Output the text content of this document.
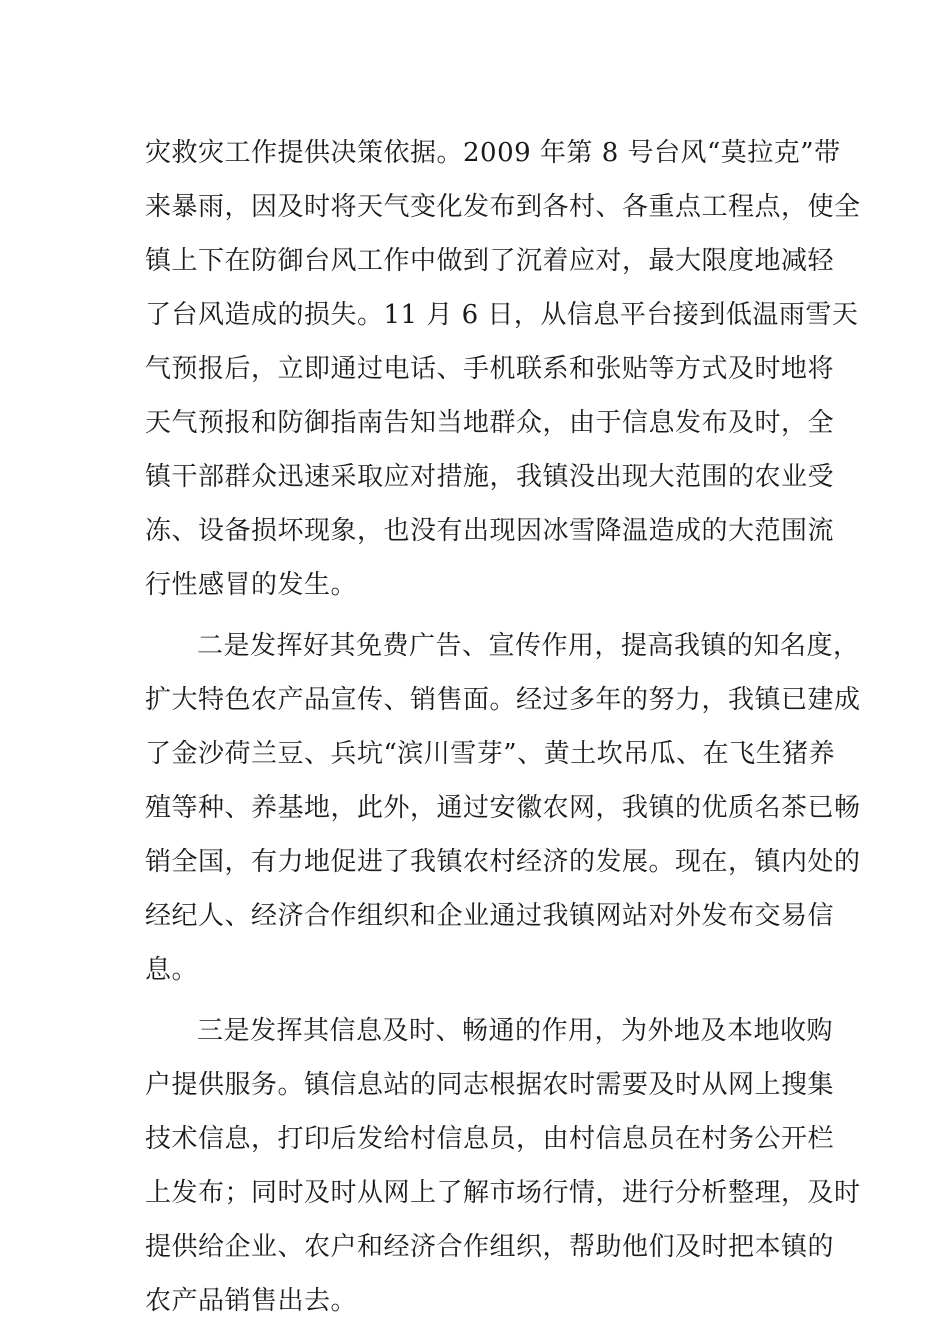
灾救灾工作提供决策依据。2009 年第 8 号台风“莫拉克”带
来暴雨，因及时将天气变化发布到各村、各重点工程点，使全
镇上下在防御台风工作中做到了沉着应对，最大限度地减轻
了台风造成的损失。11 月 6 日，从信息平台接到低温雨雪天
气预报后，立即通过电话、手机联系和张贴等方式及时地将
天气预报和防御指南告知当地群众，由于信息发布及时，全
镇干部群众迅速采取应对措施，我镇没出现大范围的农业受
冻、设备损坏现象，也没有出现因冰雪降温造成的大范围流
行性感冒的发生。
二是发挥好其免费广告、宣传作用，提高我镇的知名度，
扩大特色农产品宣传、销售面。经过多年的努力，我镇已建成
了金沙荷兰豆、兵坑“滨川雪芽”、黄土坎吊瓜、在飞生猪养
殖等种、养基地，此外，通过安徽农网，我镇的优质名茶已畅
销全国，有力地促进了我镇农村经济的发展。现在，镇内处的
经纪人、经济合作组织和企业通过我镇网站对外发布交易信
息。
三是发挥其信息及时、畅通的作用，为外地及本地收购
户提供服务。镇信息站的同志根据农时需要及时从网上搜集
技术信息，打印后发给村信息员，由村信息员在村务公开栏
上发布；同时及时从网上了解市场行情，进行分析整理，及时
提供给企业、农户和经济合作组织，帮助他们及时把本镇的
农产品销售出去。
